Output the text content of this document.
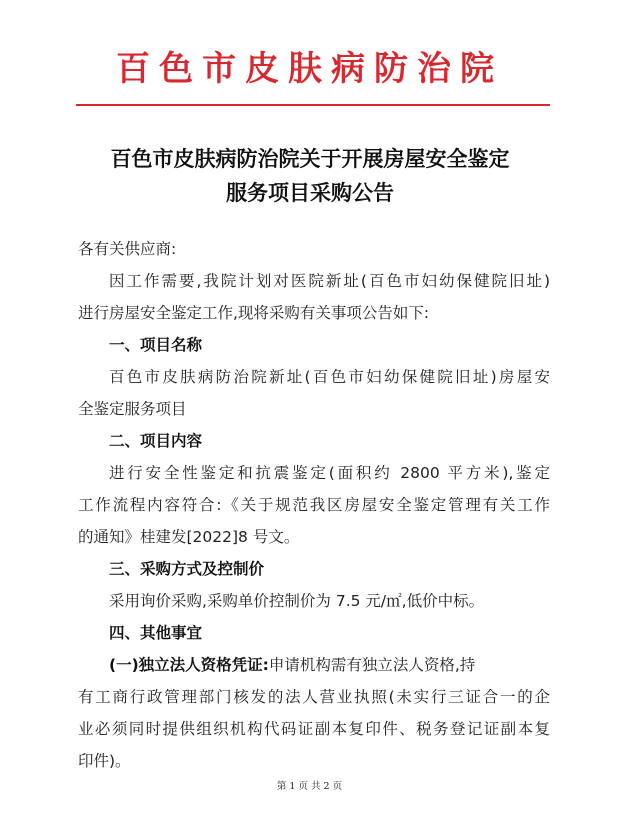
百色市皮肤病防治院
百色市皮肤病防治院关于开展房屋安全鉴定
服务项目采购公告
各有关供应商:
因工作需要,我院计划对医院新址(百色市妇幼保健院旧址)
进行房屋安全鉴定工作,现将采购有关事项公告如下:
一、项目名称
百色市皮肤病防治院新址(百色市妇幼保健院旧址)房屋安
全鉴定服务项目
二、项目内容
进行安全性鉴定和抗震鉴定(面积约 2800 平方米),鉴定
工作流程内容符合:《关于规范我区房屋安全鉴定管理有关工作
的通知》桂建发[2022]8 号文。
三、采购方式及控制价
采用询价采购,采购单价控制价为 7.5 元/㎡,低价中标。
四、其他事宜
(一)独立法人资格凭证:申请机构需有独立法人资格,持
有工商行政管理部门核发的法人营业执照(未实行三证合一的企
业必须同时提供组织机构代码证副本复印件、税务登记证副本复
印件)。
第 1 页 共 2 页
